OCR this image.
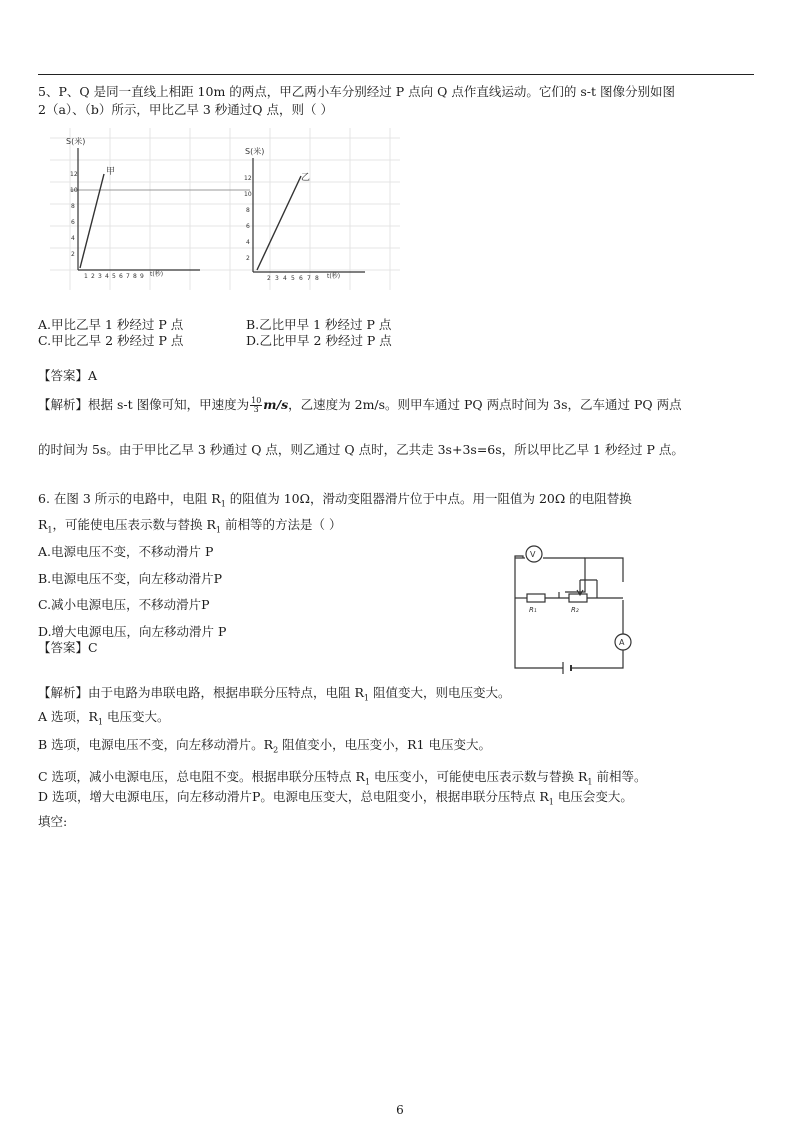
5、P、Q 是同一直线上相距 10m 的两点，甲乙两小车分别经过 P 点向 Q 点作直线运动。它们的 s-t 图像分别如图
2（a）、（b）所示，甲比乙早 3 秒通过Q 点，则（ ）
S(米)
甲
12
10
8
6
4
2
1 2 3 4 5 6 7 8 9 t(秒)
S(米)
乙
12
10
8
6
4
2
2 3 4 5 6 7 8 t(秒)
A.甲比乙早 1 秒经过 P 点	B.乙比甲早 1 秒经过 P 点
C.甲比乙早 2 秒经过 P 点	D.乙比甲早 2 秒经过 P 点
【答案】A
【解析】根据 s-t 图像可知，甲速度为 $\frac{10}{3} m/s$，乙速度为 2m/s。则甲车通过 PQ 两点时间为 3s，乙车通过 PQ 两点
的时间为 5s。由于甲比乙早 3 秒通过 Q 点，则乙通过 Q 点时，乙共走 3s+3s=6s，所以甲比乙早 1 秒经过 P 点。
6. 在图 3 所示的电路中，电阻 $R_1$ 的阻值为 10Ω，滑动变阻器滑片位于中点。用一阻值为 20Ω 的电阻替换
$R_1$，可能使电压表示数与替换 $R_1$ 前相等的方法是（ ）
A.电源电压不变，不移动滑片 P
B.电源电压不变，向左移动滑片P
C.减小电源电压，不移动滑片P
D.增大电源电压，向左移动滑片 P
【答案】C
V
A
R₁	R₂
【解析】由于电路为串联电路，根据串联分压特点，电阻 $R_1$ 阻值变大，则电压变大。
A 选项，$R_1$ 电压变大。
B 选项，电源电压不变，向左移动滑片。$R_2$ 阻值变小，电压变小，R1 电压变大。
C 选项，减小电源电压，总电阻不变。根据串联分压特点 $R_1$ 电压变小，可能使电压表示数与替换 $R_1$ 前相等。
D 选项，增大电源电压，向左移动滑片P。电源电压变大，总电阻变小，根据串联分压特点 $R_1$ 电压会变大。
填空:
6
